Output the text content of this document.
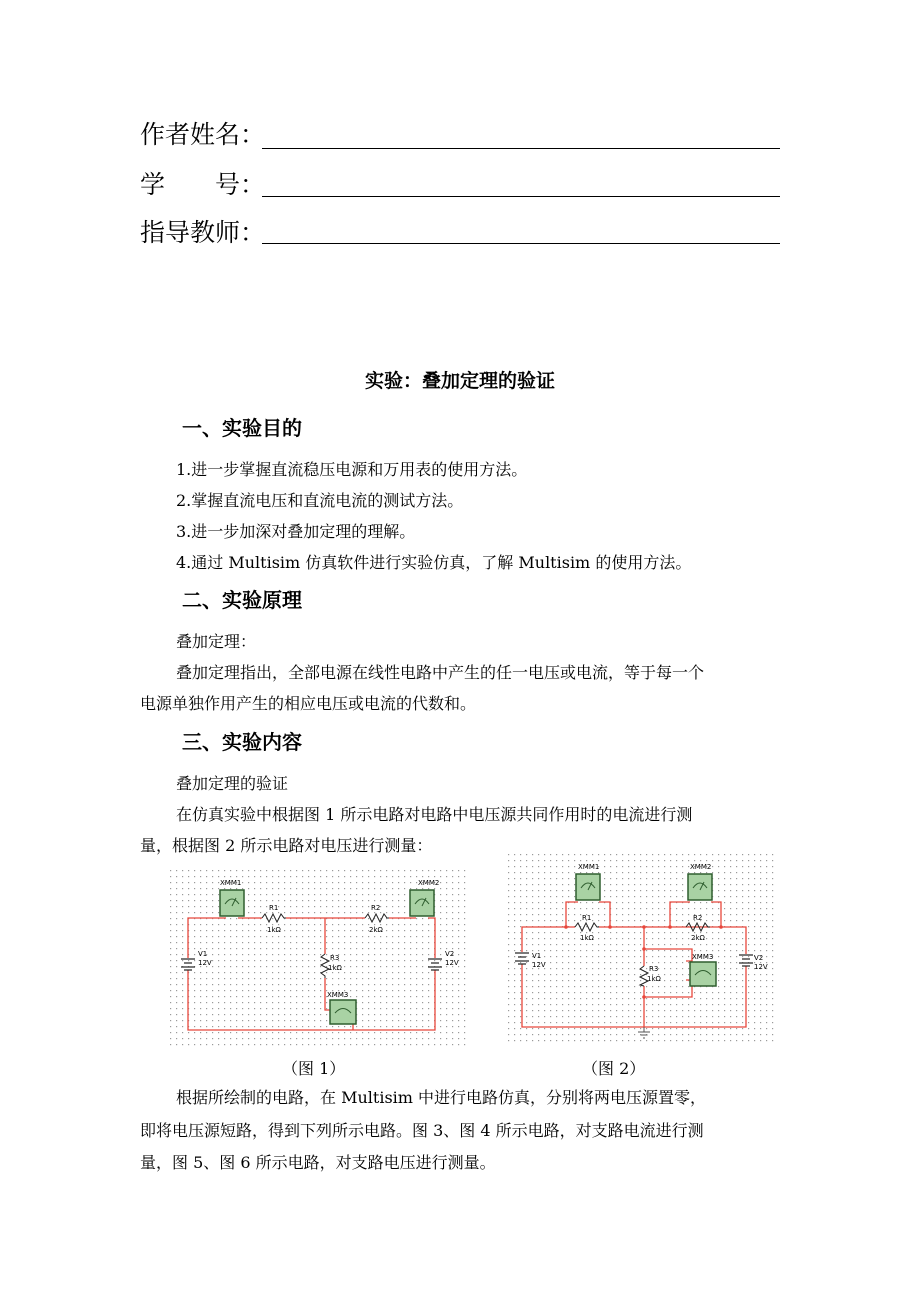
作者姓名：
学　　号：
指导教师：
实验：叠加定理的验证
一、实验目的
1.进一步掌握直流稳压电源和万用表的使用方法。
2.掌握直流电压和直流电流的测试方法。
3.进一步加深对叠加定理的理解。
4.通过 Multisim 仿真软件进行实验仿真，了解 Multisim 的使用方法。
二、实验原理
叠加定理：
叠加定理指出，全部电源在线性电路中产生的任一电压或电流，等于每一个
电源单独作用产生的相应电压或电流的代数和。
三、实验内容
叠加定理的验证
在仿真实验中根据图 1 所示电路对电路中电压源共同作用时的电流进行测
量，根据图 2 所示电路对电压进行测量：
XMM1	XMM2
XMM3
R1
1kΩ
R2
2kΩ
R3
1kΩ
V1
12V
V2
12V
（图 1）
XMM1	XMM2
XMM3
R1
1kΩ
R2
2kΩ
R3
1kΩ
V1
12V
V2
12V
（图 2）
根据所绘制的电路，在 Multisim 中进行电路仿真，分别将两电压源置零，
即将电压源短路，得到下列所示电路。图 3、图 4 所示电路，对支路电流进行测
量，图 5、图 6 所示电路，对支路电压进行测量。
